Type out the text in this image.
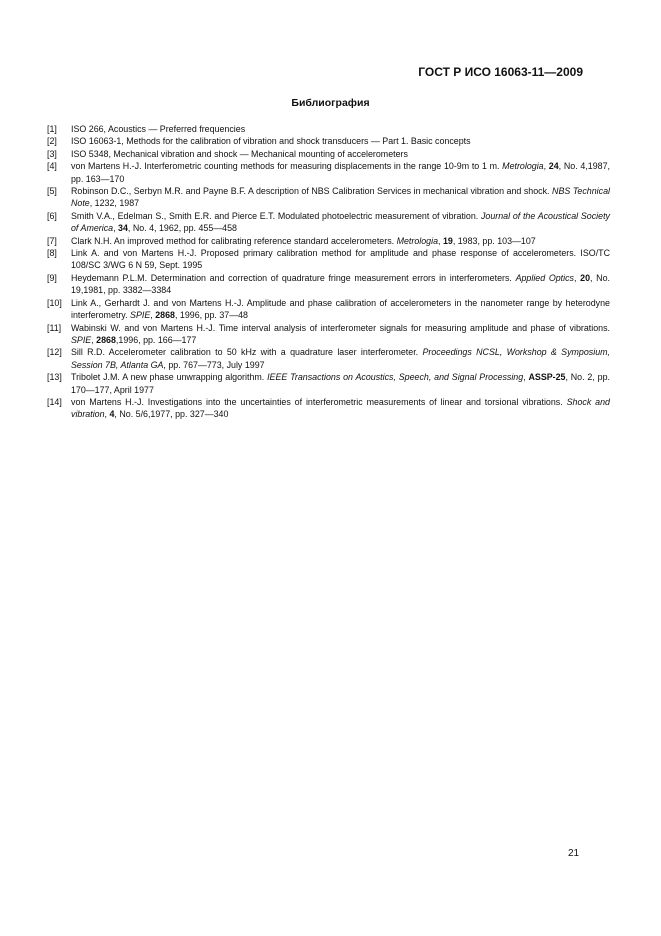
ГОСТ Р ИСО 16063-11—2009
Библиография
[1]	ISO 266, Acoustics — Preferred frequencies
[2]	ISO 16063-1, Methods for the calibration of vibration and shock transducers — Part 1. Basic concepts
[3]	ISO 5348, Mechanical vibration and shock — Mechanical mounting of accelerometers
[4]	von Martens H.-J. Interferometric counting methods for measuring displacements in the range 10-9m to 1 m. Metrologia, 24, No. 4,1987, pp. 163—170
[5]	Robinson D.C., Serbyn M.R. and Payne B.F. A description of NBS Calibration Services in mechanical vibration and shock. NBS Technical Note, 1232, 1987
[6]	Smith V.A., Edelman S., Smith E.R. and Pierce E.T. Modulated photoelectric measurement of vibration. Journal of the Acoustical Society of America, 34, No. 4, 1962, pp. 455—458
[7]	Clark N.H. An improved method for calibrating reference standard accelerometers. Metrologia, 19, 1983, pp. 103—107
[8]	Link A. and von Martens H.-J. Proposed primary calibration method for amplitude and phase response of accelerometers. ISO/TC 108/SC 3/WG 6 N 59, Sept. 1995
[9]	Heydemann P.L.M. Determination and correction of quadrature fringe measurement errors in interferometers. Applied Optics, 20, No. 19,1981, pp. 3382—3384
[10]	Link A., Gerhardt J. and von Martens H.-J. Amplitude and phase calibration of accelerometers in the nanometer range by heterodyne interferometry. SPIE, 2868, 1996, pp. 37—48
[11]	Wabinski W. and von Martens H.-J. Time interval analysis of interferometer signals for measuring amplitude and phase of vibrations. SPIE, 2868,1996, pp. 166—177
[12]	Sill R.D. Accelerometer calibration to 50 kHz with a quadrature laser interferometer. Proceedings NCSL, Workshop & Symposium, Session 7B, Atlanta GA, pp. 767—773, July 1997
[13]	Tribolet J.M. A new phase unwrapping algorithm. IEEE Transactions on Acoustics, Speech, and Signal Processing, ASSP-25, No. 2, pp. 170—177, April 1977
[14]	von Martens H.-J. Investigations into the uncertainties of interferometric measurements of linear and torsional vibrations. Shock and vibration, 4, No. 5/6,1977, pp. 327—340
21
